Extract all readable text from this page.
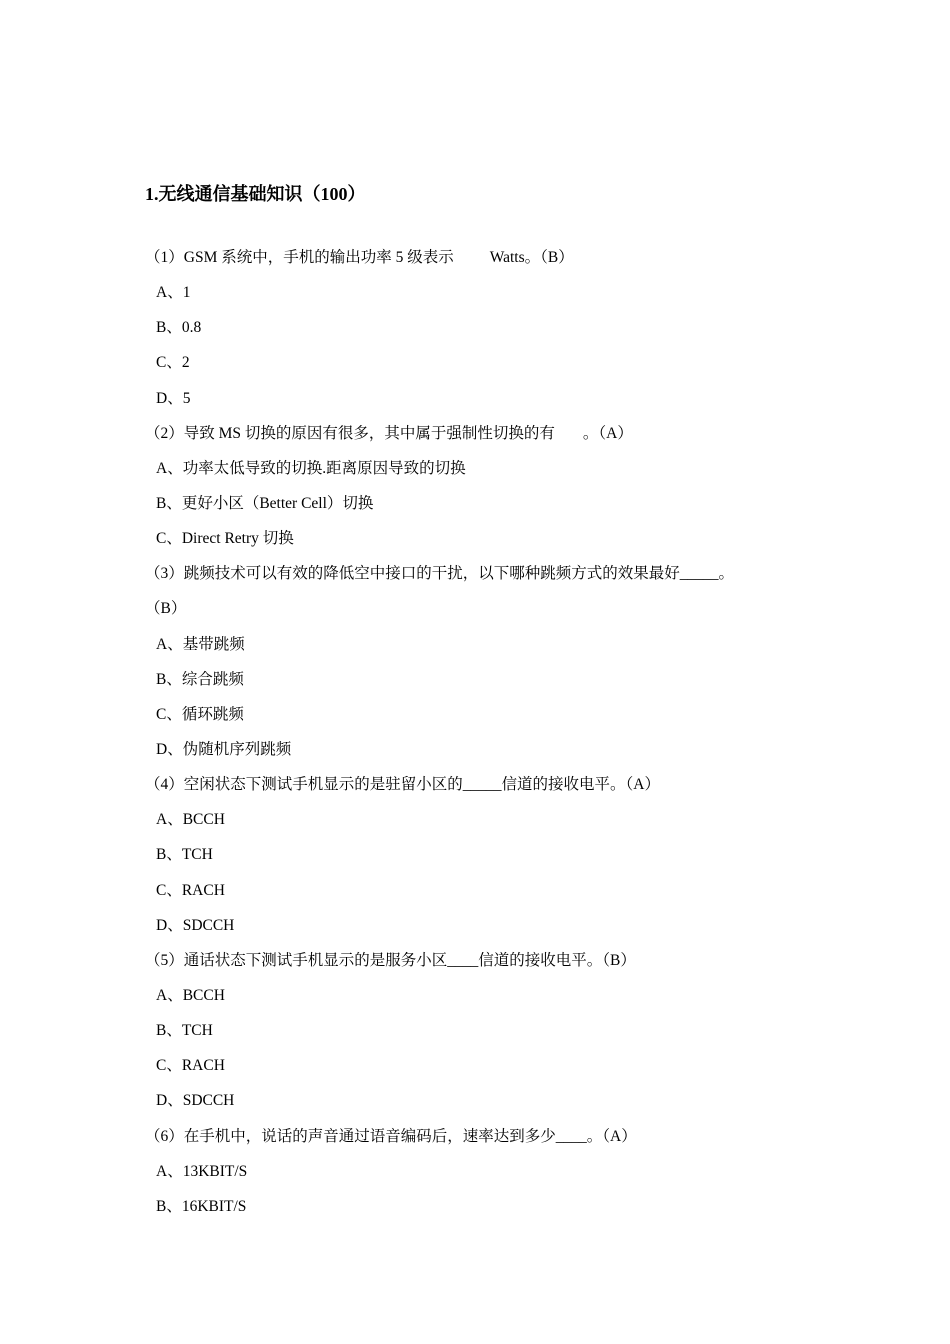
1.无线通信基础知识（100）
（1）GSM 系统中，手机的输出功率 5 级表示 Watts。（B）
A、1
B、0.8
C、2
D、5
（2）导致 MS 切换的原因有很多，其中属于强制性切换的有 。（A）
A、功率太低导致的切换.距离原因导致的切换
B、更好小区（Better Cell）切换
C、Direct Retry 切换
（3）跳频技术可以有效的降低空中接口的干扰，以下哪种跳频方式的效果最好_____。
（B）
A、基带跳频
B、综合跳频
C、循环跳频
D、伪随机序列跳频
（4）空闲状态下测试手机显示的是驻留小区的_____信道的接收电平。（A）
A、BCCH
B、TCH
C、RACH
D、SDCCH
（5）通话状态下测试手机显示的是服务小区____信道的接收电平。（B）
A、BCCH
B、TCH
C、RACH
D、SDCCH
（6）在手机中，说话的声音通过语音编码后，速率达到多少____。（A）
A、13KBIT/S
B、16KBIT/S
